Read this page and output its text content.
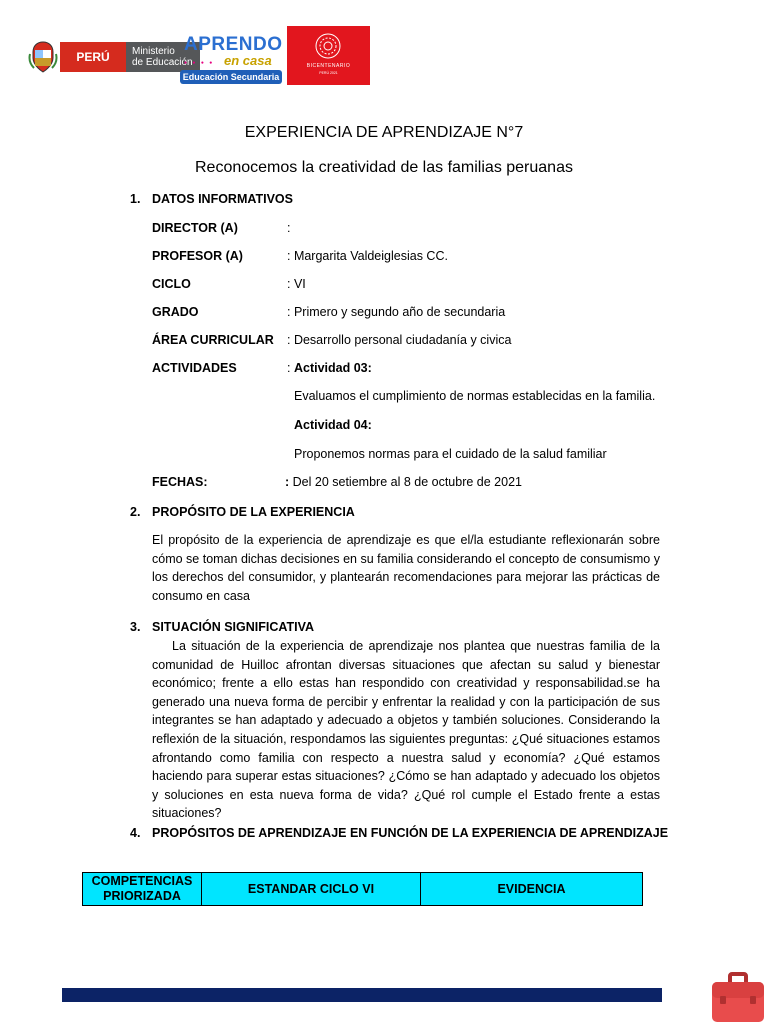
PERÚ Ministerio
de Educación
APRENDO
● ● ● ● en casa
Educación Secundaria
BICENTENARIO
PERÚ 2021
EXPERIENCIA DE APRENDIZAJE N°7
Reconocemos la creatividad de las familias peruanas
1. DATOS INFORMATIVOS
DIRECTOR (A)	:
PROFESOR (A)	: Margarita Valdeiglesias CC.
CICLO	: VI
GRADO	: Primero y segundo año de secundaria
ÁREA CURRICULAR : Desarrollo personal ciudadanía y civica
ACTIVIDADES	: Actividad 03:
Evaluamos el cumplimiento de normas establecidas en la familia.
Actividad 04:
Proponemos normas para el cuidado de la salud familiar
FECHAS:	: Del 20 setiembre al 8 de octubre de 2021
2. PROPÓSITO DE LA EXPERIENCIA
El propósito de la experiencia de aprendizaje es que el/la estudiante reflexionarán sobre cómo se toman dichas decisiones en su familia considerando el concepto de consumismo y los derechos del consumidor, y plantearán recomendaciones para mejorar las prácticas de consumo en casa
3. SITUACIÓN SIGNIFICATIVA
La situación de la experiencia de aprendizaje nos plantea que nuestras familia de la comunidad de Huilloc afrontan diversas situaciones que afectan su salud y bienestar económico; frente a ello estas han respondido con creatividad y responsabilidad.se ha generado una nueva forma de percibir y enfrentar la realidad y con la participación de sus integrantes se han adaptado y adecuado a objetos y también soluciones. Considerando la reflexión de la situación, respondamos las siguientes preguntas: ¿Qué situaciones estamos afrontando como familia con respecto a nuestra salud y economía? ¿Qué estamos haciendo para superar estas situaciones? ¿Cómo se han adaptado y adecuado los objetos y soluciones en esta nueva forma de vida? ¿Qué rol cumple el Estado frente a estas situaciones?
4. PROPÓSITOS DE APRENDIZAJE EN FUNCIÓN DE LA EXPERIENCIA DE APRENDIZAJE
COMPETENCIAS PRIORIZADA	ESTANDAR CICLO VI	EVIDENCIA
